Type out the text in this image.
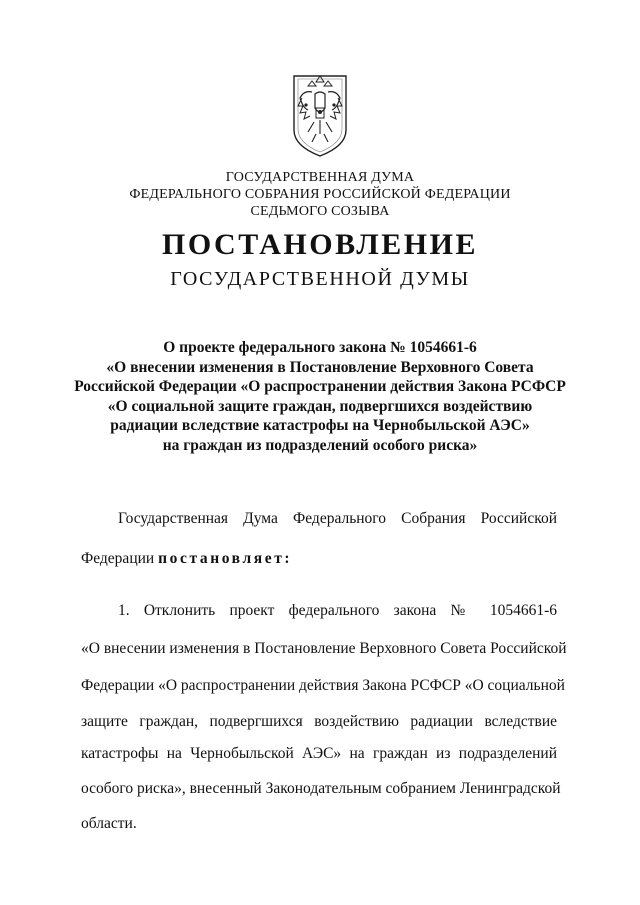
ГОСУДАРСТВЕННАЯ ДУМА
ФЕДЕРАЛЬНОГО СОБРАНИЯ РОССИЙСКОЙ ФЕДЕРАЦИИ
СЕДЬМОГО СОЗЫВА
ПОСТАНОВЛЕНИЕ
ГОСУДАРСТВЕННОЙ ДУМЫ
О проекте федерального закона № 1054661-6
«О внесении изменения в Постановление Верховного Совета
Российской Федерации «О распространении действия Закона РСФСР
«О социальной защите граждан, подвергшихся воздействию
радиации вследствие катастрофы на Чернобыльской АЭС»
на граждан из подразделений особого риска»
Государственная Дума Федерального Собрания Российской
Федерации постановляет:
1. Отклонить проект федерального закона № 1054661-6
«О внесении изменения в Постановление Верховного Совета Российской
Федерации «О распространении действия Закона РСФСР «О социальной
защите граждан, подвергшихся воздействию радиации вследствие
катастрофы на Чернобыльской АЭС» на граждан из подразделений
особого риска», внесенный Законодательным собранием Ленинградской
области.
